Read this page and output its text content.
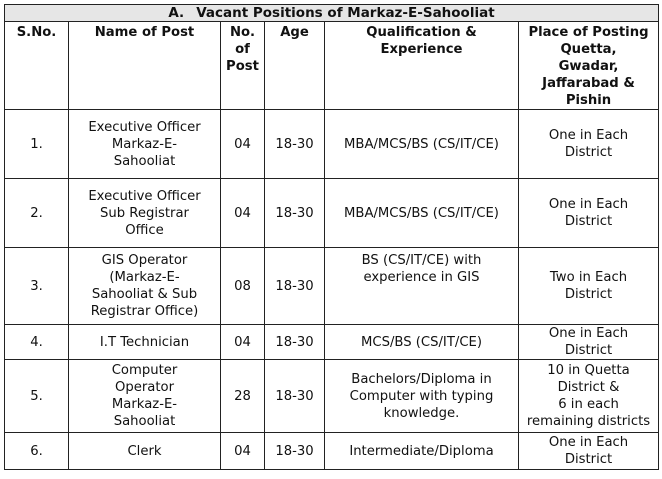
A. Vacant Positions of Markaz-E-Sahooliat					
S.No.	Name of Post	No.
of
Post	Age	Qualification &
Experience	Place of Posting
Quetta,
Gwadar,
Jaffarabad &
Pishin
1.	Executive Officer
Markaz-E-
Sahooliat	04	18-30	MBA/MCS/BS (CS/IT/CE)	One in Each
District
2.	Executive Officer
Sub Registrar
Office	04	18-30	MBA/MCS/BS (CS/IT/CE)	One in Each
District
3.	GIS Operator
(Markaz-E-
Sahooliat & Sub
Registrar Office)	08	18-30	BS (CS/IT/CE) with
experience in GIS	Two in Each
District
4.	I.T Technician	04	18-30	MCS/BS (CS/IT/CE)	One in Each
District
5.	Computer
Operator
Markaz-E-
Sahooliat	28	18-30	Bachelors/Diploma in
Computer with typing
knowledge.	10 in Quetta
District &
6 in each
remaining districts
6.	Clerk	04	18-30	Intermediate/Diploma	One in Each
District
